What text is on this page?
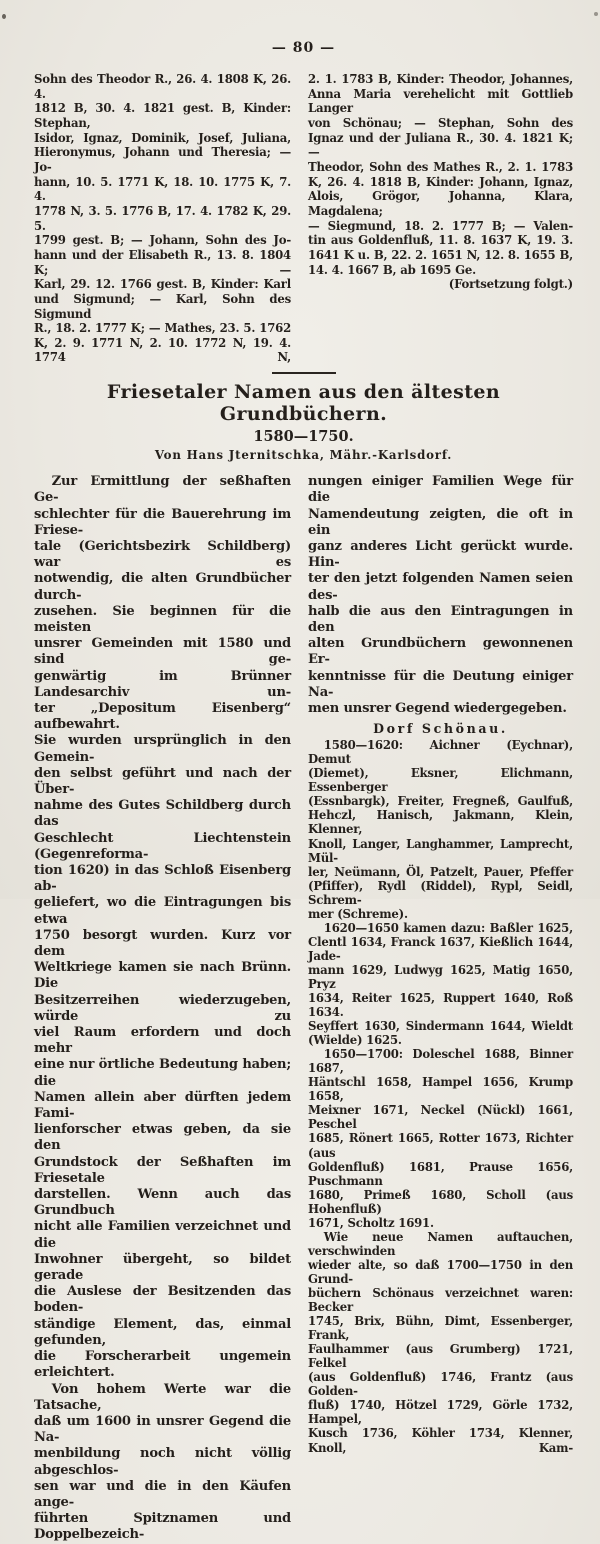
— 80 —
Sohn des Theodor R., 26. 4. 1808 K, 26. 4.
1812 B, 30. 4. 1821 gest. B, Kinder: Stephan,
Isidor, Ignaz, Dominik, Josef, Juliana,
Hieronymus, Johann und Theresia; — Jo-
hann, 10. 5. 1771 K, 18. 10. 1775 K, 7. 4.
1778 N, 3. 5. 1776 B, 17. 4. 1782 K, 29. 5.
1799 gest. B; — Johann, Sohn des Jo-
hann und der Elisabeth R., 13. 8. 1804 K; —
Karl, 29. 12. 1766 gest. B, Kinder: Karl
und Sigmund; — Karl, Sohn des Sigmund
R., 18. 2. 1777 K; — Mathes, 23. 5. 1762
K, 2. 9. 1771 N, 2. 10. 1772 N, 19. 4. 1774 N,
2. 1. 1783 B, Kinder: Theodor, Johannes,
Anna Maria verehelicht mit Gottlieb Langer
von Schönau; — Stephan, Sohn des
Ignaz und der Juliana R., 30. 4. 1821 K; —
Theodor, Sohn des Mathes R., 2. 1. 1783
K, 26. 4. 1818 B, Kinder: Johann, Ignaz,
Alois, Grögor, Johanna, Klara, Magdalena;
— Siegmund, 18. 2. 1777 B; — Valen-
tin aus Goldenfluß, 11. 8. 1637 K, 19. 3.
1641 K u. B, 22. 2. 1651 N, 12. 8. 1655 B,
14. 4. 1667 B, ab 1695 Ge.
(Fortsetzung folgt.)
Friesetaler Namen aus den ältesten Grundbüchern.
1580—1750.
Von Hans Jternitschka, Mähr.-Karlsdorf.
Zur Ermittlung der seßhaften Ge-
schlechter für die Bauerehrung im Friese-
tale (Gerichtsbezirk Schildberg) war es
notwendig, die alten Grundbücher durch-
zusehen. Sie beginnen für die meisten
unsrer Gemeinden mit 1580 und sind ge-
genwärtig im Brünner Landesarchiv un-
ter „Depositum Eisenberg“ aufbewahrt.
Sie wurden ursprünglich in den Gemein-
den selbst geführt und nach der Über-
nahme des Gutes Schildberg durch das
Geschlecht Liechtenstein (Gegenreforma-
tion 1620) in das Schloß Eisenberg ab-
geliefert, wo die Eintragungen bis etwa
1750 besorgt wurden. Kurz vor dem
Weltkriege kamen sie nach Brünn. Die
Besitzerreihen wiederzugeben, würde zu
viel Raum erfordern und doch mehr
eine nur örtliche Bedeutung haben; die
Namen allein aber dürften jedem Fami-
lienforscher etwas geben, da sie den
Grundstock der Seßhaften im Friesetale
darstellen. Wenn auch das Grundbuch
nicht alle Familien verzeichnet und die
Inwohner übergeht, so bildet gerade
die Auslese der Besitzenden das boden-
ständige Element, das, einmal gefunden,
die Forscherarbeit ungemein erleichtert.
Von hohem Werte war die Tatsache,
daß um 1600 in unsrer Gegend die Na-
menbildung noch nicht völlig abgeschlos-
sen war und die in den Käufen ange-
führten Spitznamen und Doppelbezeich-
nungen einiger Familien Wege für die
Namendeutung zeigten, die oft in ein
ganz anderes Licht gerückt wurde. Hin-
ter den jetzt folgenden Namen seien des-
halb die aus den Eintragungen in den
alten Grundbüchern gewonnenen Er-
kenntnisse für die Deutung einiger Na-
men unsrer Gegend wiedergegeben.
Dorf Schönau.
1580—1620: Aichner (Eychnar), Demut
(Diemet), Eksner, Elichmann, Essenberger
(Essnbargk), Freiter, Fregneß, Gaulfuß,
Hehczl, Hanisch, Jakmann, Klein, Klenner,
Knoll, Langer, Langhammer, Lamprecht, Mül-
ler, Neümann, Öl, Patzelt, Pauer, Pfeffer
(Pfiffer), Rydl (Riddel), Rypl, Seidl, Schrem-
mer (Schreme).
1620—1650 kamen dazu: Baßler 1625,
Clentl 1634, Franck 1637, Kießlich 1644, Jade-
mann 1629, Ludwyg 1625, Matig 1650, Pryz
1634, Reiter 1625, Ruppert 1640, Roß 1634.
Seyffert 1630, Sindermann 1644, Wieldt
(Wielde) 1625.
1650—1700: Doleschel 1688, Binner 1687,
Häntschl 1658, Hampel 1656, Krump 1658,
Meixner 1671, Neckel (Nückl) 1661, Peschel
1685, Rönert 1665, Rotter 1673, Richter (aus
Goldenfluß) 1681, Prause 1656, Puschmann
1680, Primeß 1680, Scholl (aus Hohenfluß)
1671, Scholtz 1691.
Wie neue Namen auftauchen, verschwinden
wieder alte, so daß 1700—1750 in den Grund-
büchern Schönaus verzeichnet waren: Becker
1745, Brix, Bühn, Dimt, Essenberger, Frank,
Faulhammer (aus Grumberg) 1721, Felkel
(aus Goldenfluß) 1746, Frantz (aus Golden-
fluß) 1740, Hötzel 1729, Görle 1732, Hampel,
Kusch 1736, Köhler 1734, Klenner, Knoll, Kam-
